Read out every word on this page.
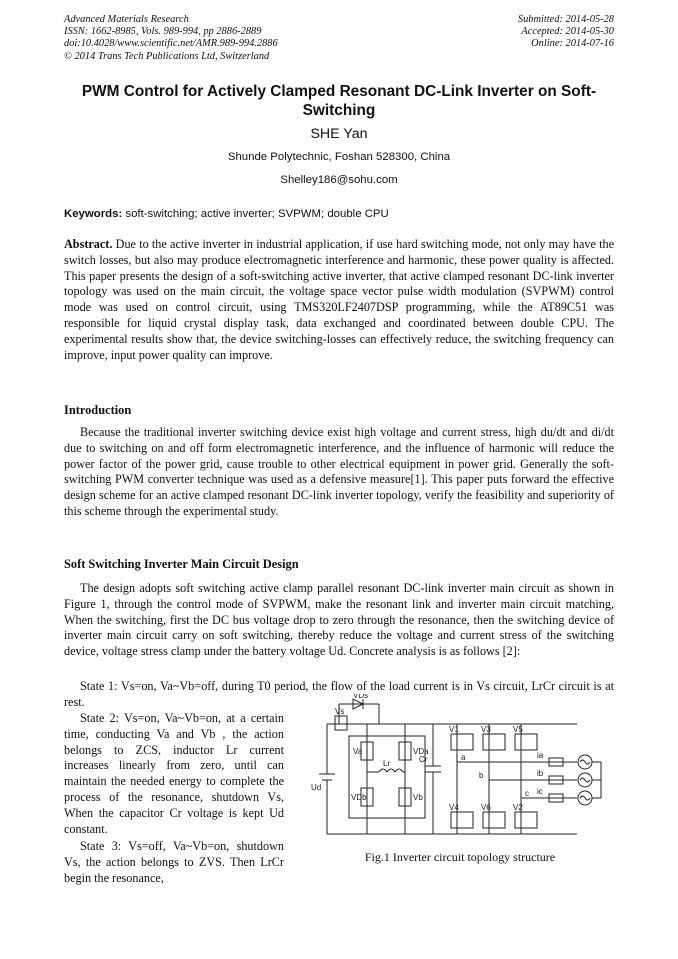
Advanced Materials Research
ISSN: 1662-8985, Vols. 989-994, pp 2886-2889
doi:10.4028/www.scientific.net/AMR.989-994.2886
© 2014 Trans Tech Publications Ltd, Switzerland
Submitted: 2014-05-28
Accepted: 2014-05-30
Online: 2014-07-16
PWM Control for Actively Clamped Resonant DC-Link Inverter on Soft-Switching
SHE Yan
Shunde Polytechnic, Foshan 528300, China
Shelley186@sohu.com
Keywords: soft-switching; active inverter; SVPWM; double CPU
Abstract. Due to the active inverter in industrial application, if use hard switching mode, not only may have the switch losses, but also may produce electromagnetic interference and harmonic, these power quality is affected. This paper presents the design of a soft-switching active inverter, that active clamped resonant DC-link inverter topology was used on the main circuit, the voltage space vector pulse width modulation (SVPWM) control mode was used on control circuit, using TMS320LF2407DSP programming, while the AT89C51 was responsible for liquid crystal display task, data exchanged and coordinated between double CPU. The experimental results show that, the device switching-losses can effectively reduce, the switching frequency can improve, input power quality can improve.
Introduction
Because the traditional inverter switching device exist high voltage and current stress, high du/dt and di/dt due to switching on and off form electromagnetic interference, and the influence of harmonic will reduce the power factor of the power grid, cause trouble to other electrical equipment in power grid. Generally the soft-switching PWM converter technique was used as a defensive measure[1]. This paper puts forward the effective design scheme for an active clamped resonant DC-link inverter topology, verify the feasibility and superiority of this scheme through the experimental study.
Soft Switching Inverter Main Circuit Design
The design adopts soft switching active clamp parallel resonant DC-link inverter main circuit as shown in Figure 1, through the control mode of SVPWM, make the resonant link and inverter main circuit matching, When the switching, first the DC bus voltage drop to zero through the resonance, then the switching device of inverter main circuit carry on soft switching, thereby reduce the voltage and current stress of the switching device, voltage stress clamp under the battery voltage Ud. Concrete analysis is as follows [2]:
State 1: Vs=on, Va~Vb=off, during T0 period, the flow of the load current is in Vs circuit, LrCr circuit is at rest.
State 2: Vs=on, Va~Vb=on, at a certain time, conducting Va and Vb , the action belongs to ZCS, inductor Lr current increases linearly from zero, until can maintain the needed energy to complete the process of the resonance, shutdown Vs, When the capacitor Cr voltage is kept Ud constant.
State 3: Vs=off, Va~Vb=on, shutdown Vs, the action belongs to ZVS. Then LrCr begin the resonance,
VDs
Vs
Va	VDa
Lr
VDb	Vb
Cr
Ud
V1	V3	V5
V4	V6	V2
a
b
c
ia
ib
ic
Fig.1 Inverter circuit topology structure
